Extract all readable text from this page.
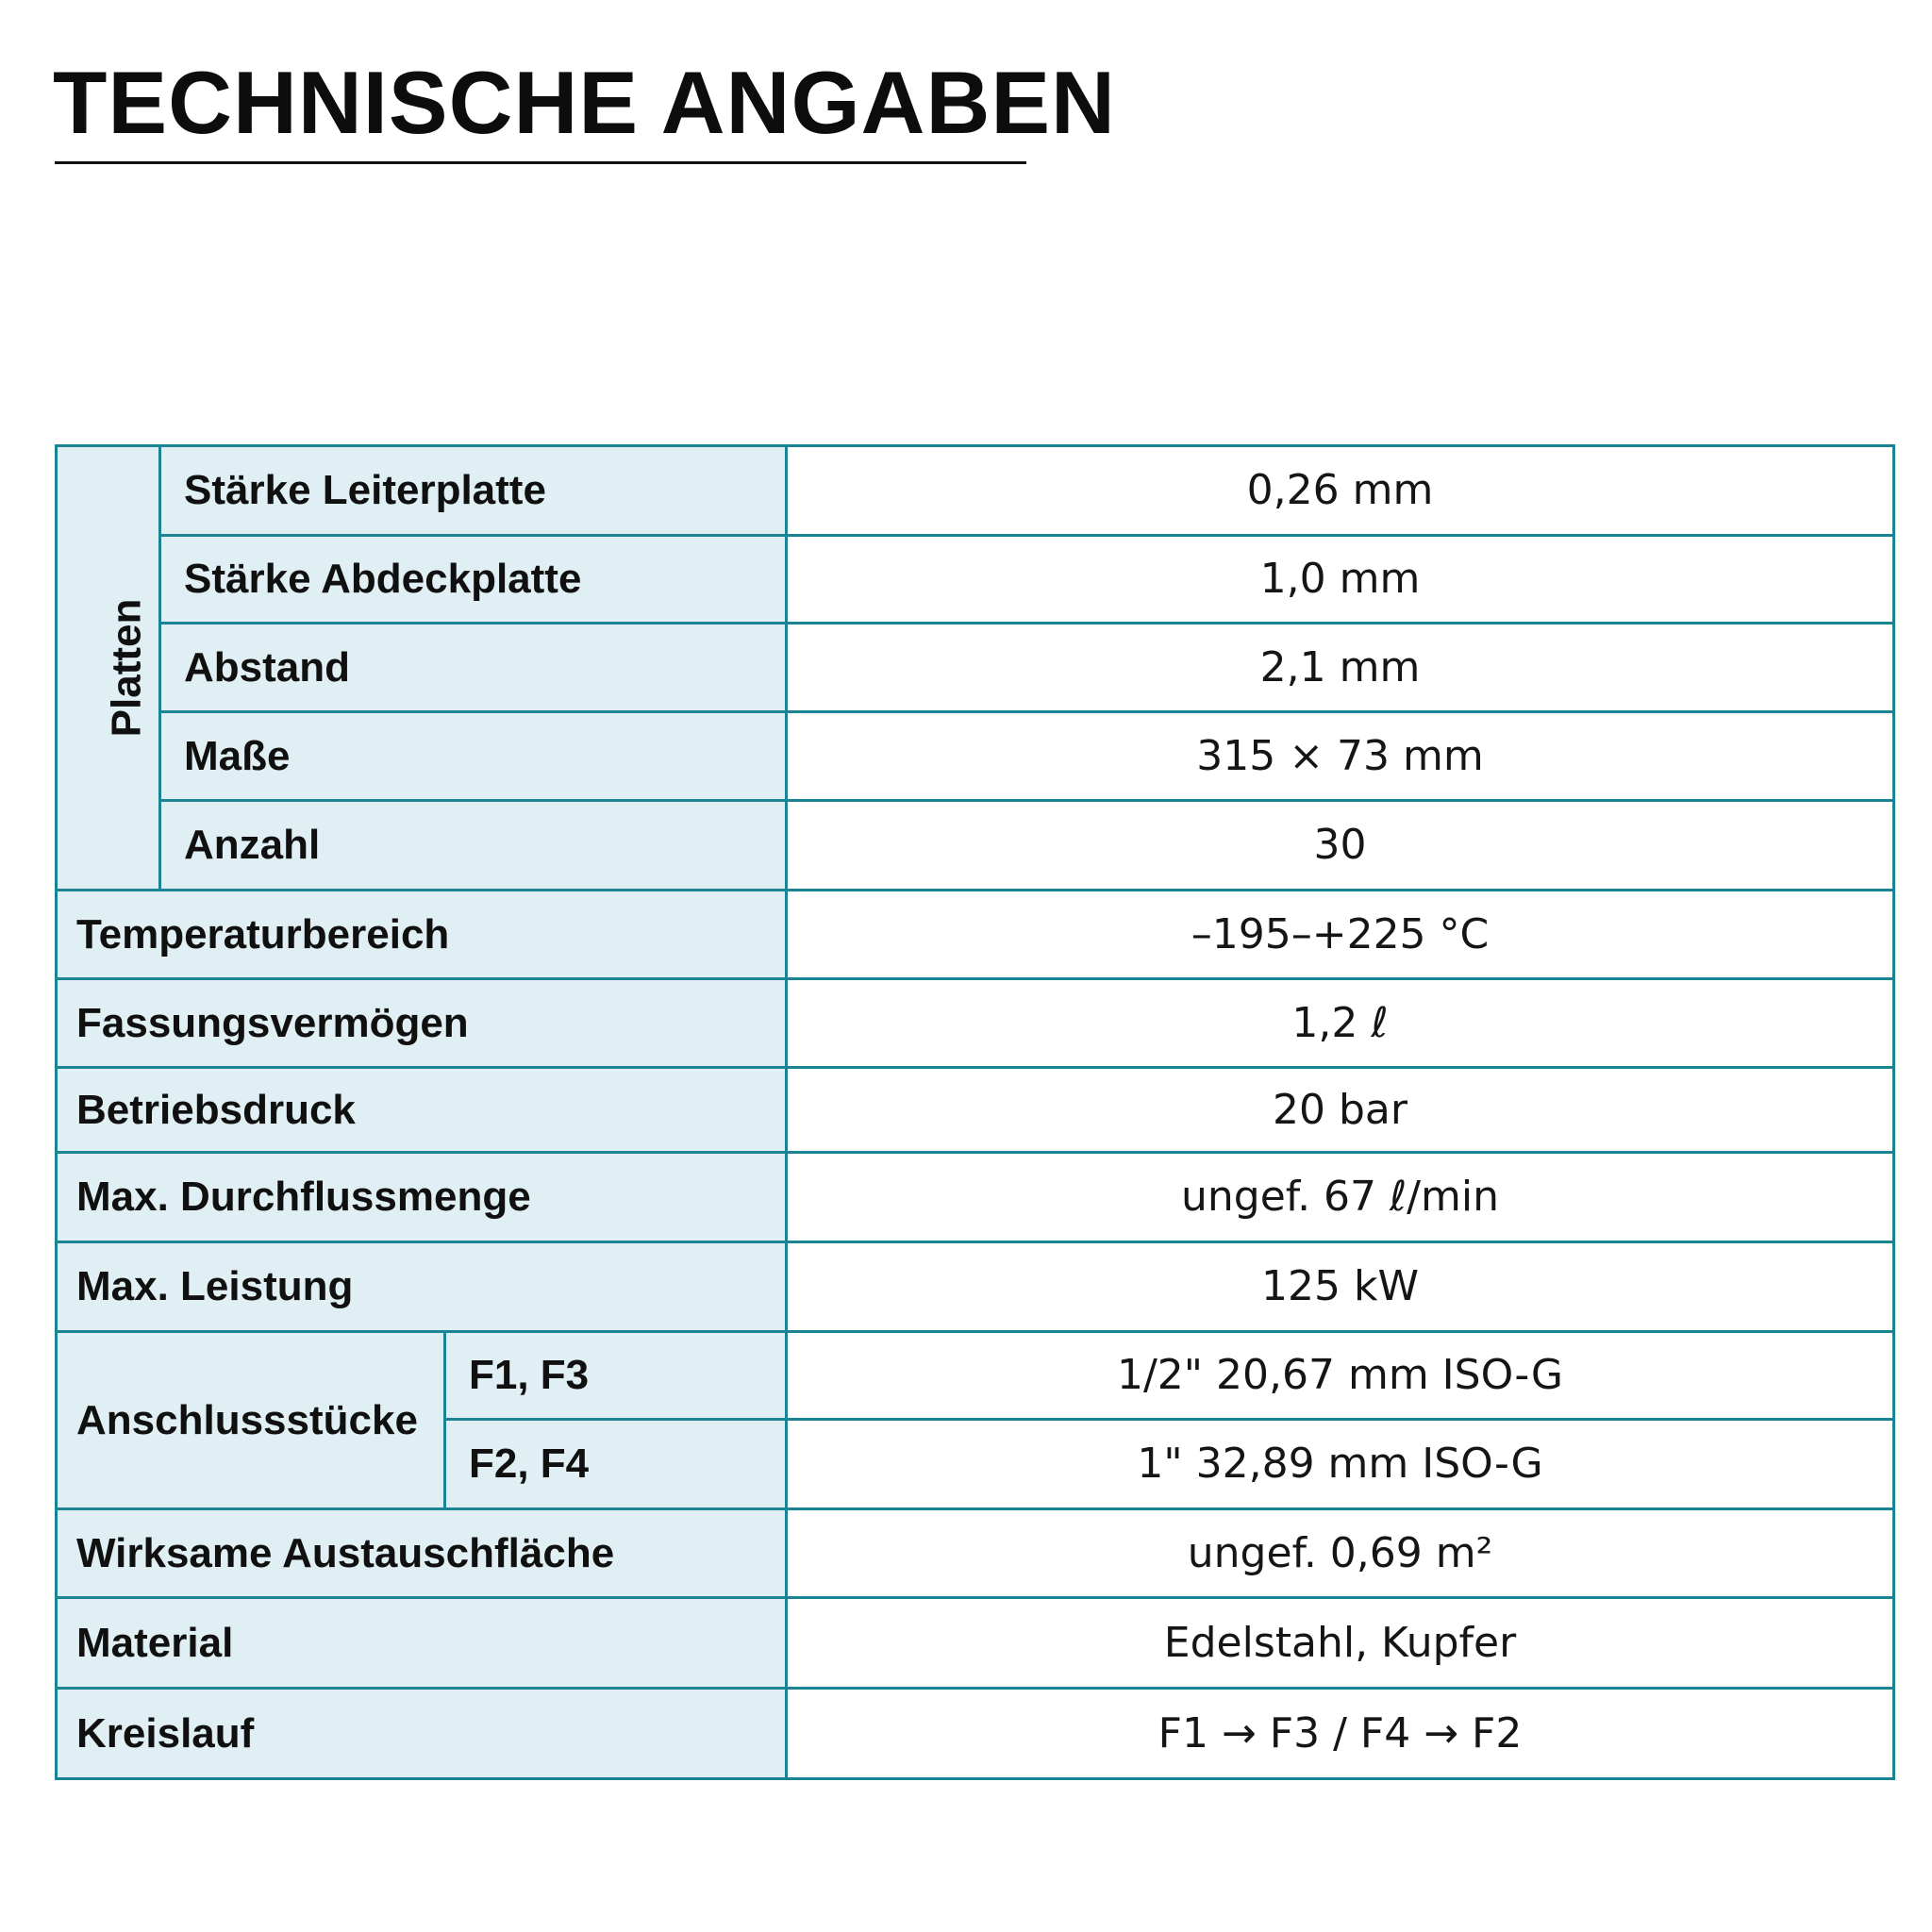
TECHNISCHE ANGABEN
Platten	Stärke Leiterplatte		0,26 mm
	Stärke Abdeckplatte		1,0 mm
	Abstand		2,1 mm
	Maße		315 × 73 mm
	Anzahl		30
Temperaturbereich			–195–+225 °C
Fassungsvermögen			1,2 ℓ
Betriebsdruck			20 bar
Max. Durchflussmenge			ungef. 67 ℓ/min
Max. Leistung			125 kW
Anschlussstücke		F1, F3	1/2" 20,67 mm ISO-G
		F2, F4	1" 32,89 mm ISO-G
Wirksame Austauschfläche			ungef. 0,69 m²
Material			Edelstahl, Kupfer
Kreislauf			F1 → F3 / F4 → F2
